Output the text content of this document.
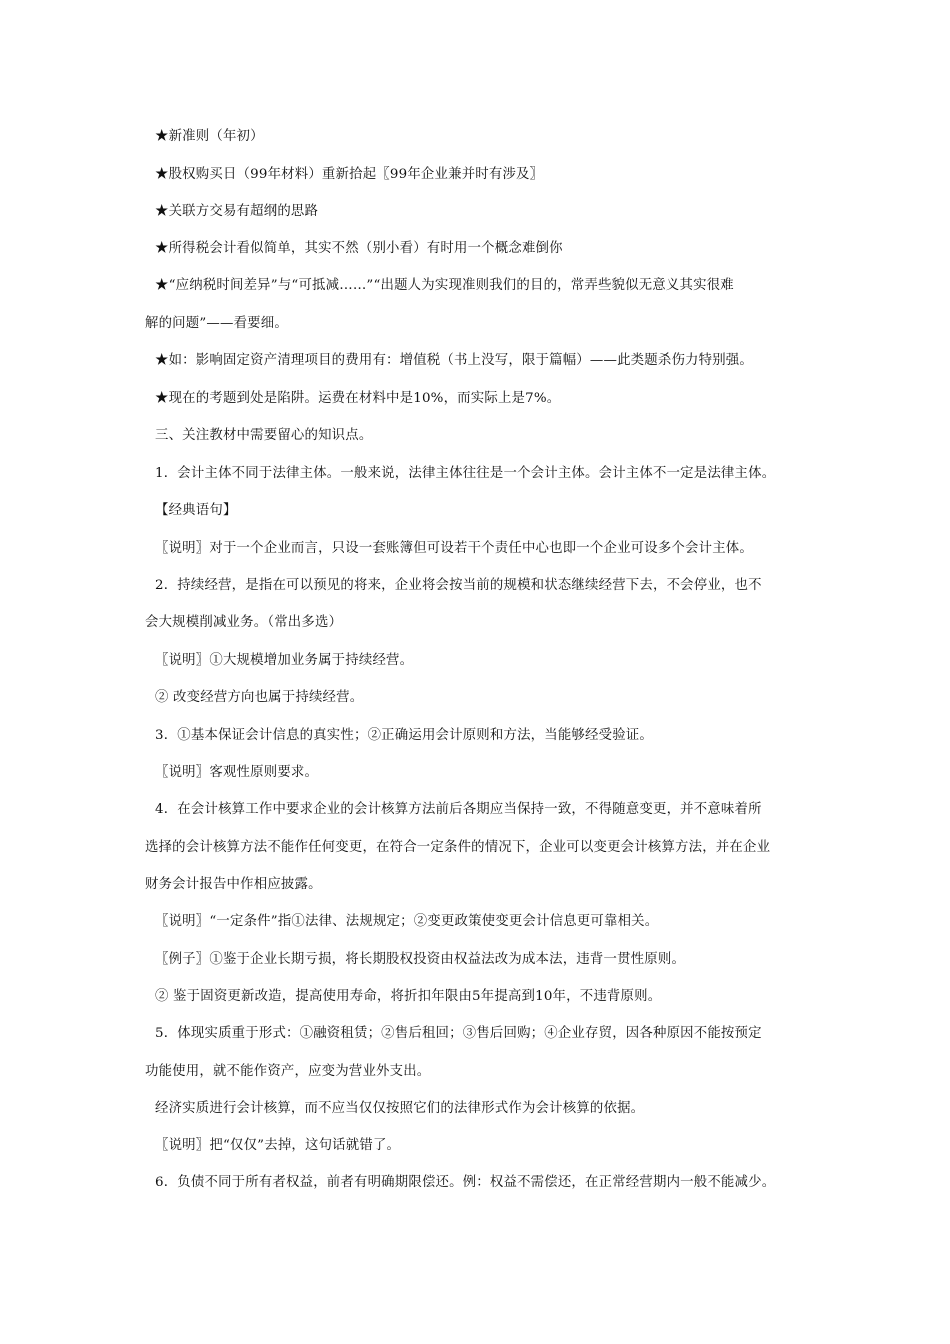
★新准则（年初）
★股权购买日（99年材料）重新拾起〖99年企业兼并时有涉及〗
★关联方交易有超纲的思路
★所得税会计看似简单，其实不然（别小看）有时用一个概念难倒你
★“应纳税时间差异”与“可抵减……”“出题人为实现准则我们的目的，常弄些貌似无意义其实很难
解的问题”——看要细。
★如：影响固定资产清理项目的费用有：增值税（书上没写，限于篇幅）——此类题杀伤力特别强。
★现在的考题到处是陷阱。运费在材料中是10%，而实际上是7%。
三、关注教材中需要留心的知识点。
1．会计主体不同于法律主体。一般来说，法律主体往往是一个会计主体。会计主体不一定是法律主体。
【经典语句】
〖说明〗对于一个企业而言，只设一套账簿但可设若干个责任中心也即一个企业可设多个会计主体。
2．持续经营，是指在可以预见的将来，企业将会按当前的规模和状态继续经营下去，不会停业，也不
会大规模削减业务。（常出多选）
〖说明〗①大规模增加业务属于持续经营。
② 改变经营方向也属于持续经营。
3．①基本保证会计信息的真实性；②正确运用会计原则和方法，当能够经受验证。
〖说明〗客观性原则要求。
4．在会计核算工作中要求企业的会计核算方法前后各期应当保持一致，不得随意变更，并不意味着所
选择的会计核算方法不能作任何变更，在符合一定条件的情况下，企业可以变更会计核算方法，并在企业
财务会计报告中作相应披露。
〖说明〗“一定条件”指①法律、法规规定；②变更政策使变更会计信息更可靠相关。
〖例子〗①鉴于企业长期亏损，将长期股权投资由权益法改为成本法，违背一贯性原则。
② 鉴于固资更新改造，提高使用寿命，将折扣年限由5年提高到10年，不违背原则。
5．体现实质重于形式：①融资租赁；②售后租回；③售后回购；④企业存贸，因各种原因不能按预定
功能使用，就不能作资产，应变为营业外支出。
经济实质进行会计核算，而不应当仅仅按照它们的法律形式作为会计核算的依据。
〖说明〗把“仅仅”去掉，这句话就错了。
6．负债不同于所有者权益，前者有明确期限偿还。例：权益不需偿还，在正常经营期内一般不能减少。
